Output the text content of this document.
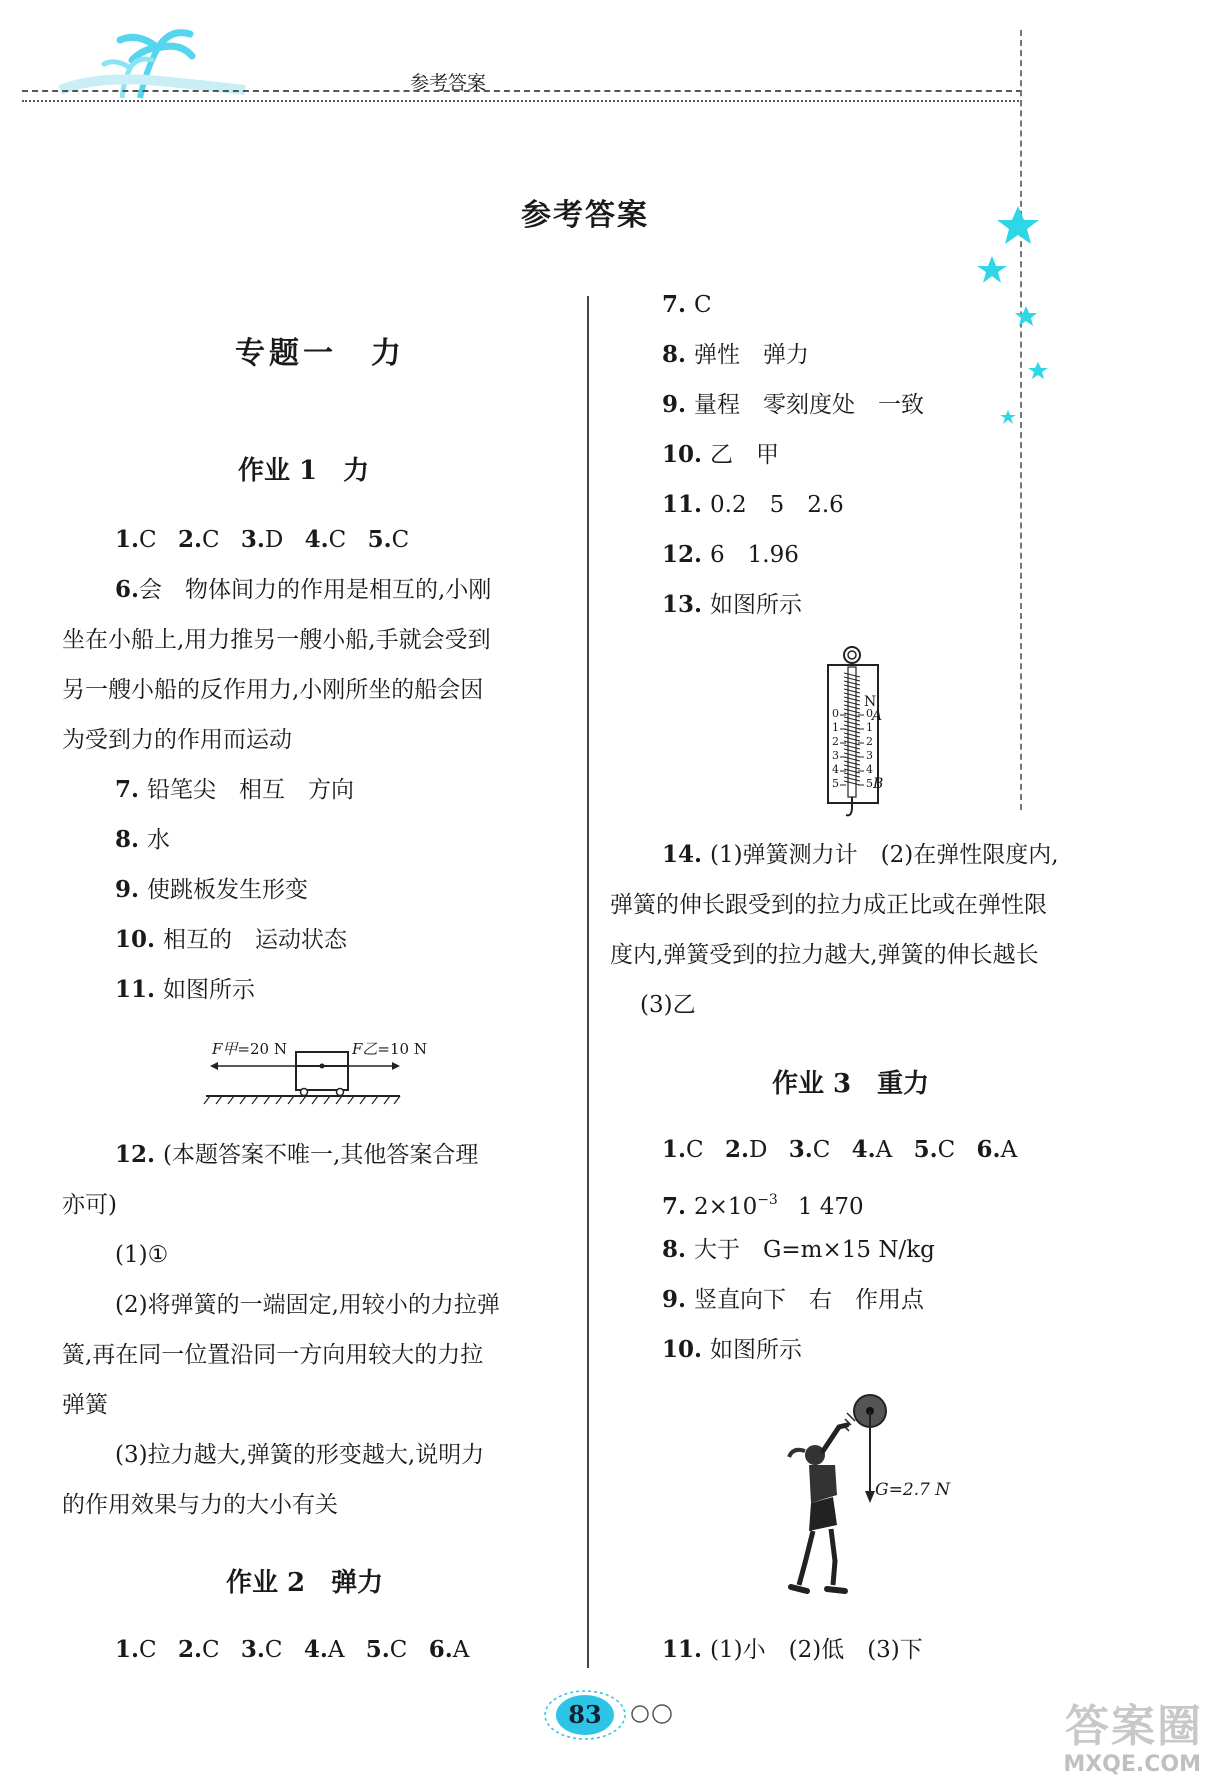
参考答案
参考答案
专题一　力
作业 1　力
1.C 2.C 3.D 4.C 5.C
6.会　物体间力的作用是相互的,小刚
坐在小船上,用力推另一艘小船,手就会受到
另一艘小船的反作用力,小刚所坐的船会因
为受到力的作用而运动
7. 铅笔尖　相互　方向
8. 水
9. 使跳板发生形变
10. 相互的　运动状态
11. 如图所示
F甲=20 N	F乙=10 N
12. (本题答案不唯一,其他答案合理
亦可)
(1)①
(2)将弹簧的一端固定,用较小的力拉弹
簧,再在同一位置沿同一方向用较大的力拉
弹簧
(3)拉力越大,弹簧的形变越大,说明力
的作用效果与力的大小有关
作业 2　弹力
1.C 2.C 3.C 4.A 5.C 6.A
7. C
8. 弹性　弹力
9. 量程　零刻度处　一致
10. 乙　甲
11. 0.2　5　2.6
12. 6　1.96
13. 如图所示
N
A
B
0
1
2
3
4
5
0
1
2
3
4
5
14. (1)弹簧测力计　(2)在弹性限度内,
弹簧的伸长跟受到的拉力成正比或在弹性限
度内,弹簧受到的拉力越大,弹簧的伸长越长
(3)乙
作业 3　重力
1.C 2.D 3.C 4.A 5.C 6.A
7. $2\times 10^{-3}$ 1 470
8. 大于　G=m×15 N/kg
9. 竖直向下　右　作用点
10. 如图所示
G=2.7 N
11. (1)小　(2)低　(3)下
83	答案圈
MXQE.COM
